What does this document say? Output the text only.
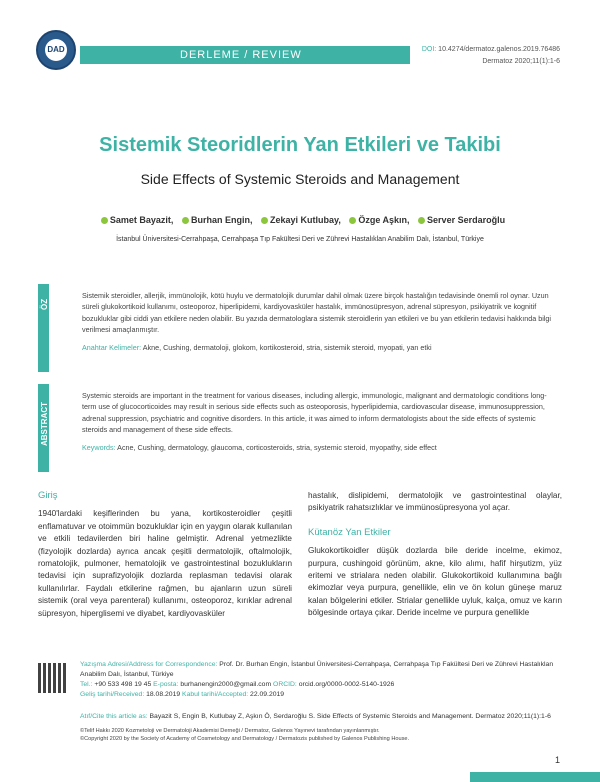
DAD	DERLEME / REVIEW	DOI: 10.4274/dermatoz.galenos.2019.76486
Dermatoz 2020;11(1):1-6
Sistemik Steoridlerin Yan Etkileri ve Takibi
Side Effects of Systemic Steroids and Management
Samet Bayazit, Burhan Engin, Zekayi Kutlubay, Özge Aşkın, Server Serdaroğlu
İstanbul Üniversitesi-Cerrahpaşa, Cerrahpaşa Tıp Fakültesi Deri ve Zührevi Hastalıklan Anabilim Dalı, İstanbul, Türkiye
ÖZ

Sistemik steroidler, allerjik, immünolojik, kötü huylu ve dermatolojik durumlar dahil olmak üzere birçok hastalığın tedavisinde önemli rol oynar. Uzun süreli glukokortikoid kullanımı, osteoporoz, hiperlipidemi, kardiyovasküler hastalık, immünosüpresyon, adrenal süpresyon, psikiyatrik ve kognitif bozukluklar gibi ciddi yan etkilere neden olabilir. Bu yazıda dermatologlara sistemik steroidlerin yan etkileri ve bu yan etkilerin tedavisi hakkında bilgi verilmesi amaçlanmıştır.

Anahtar Kelimeler: Akne, Cushing, dermatoloji, glokom, kortikosteroid, stria, sistemik steroid, myopati, yan etki

ABSTRACT

Systemic steroids are important in the treatment for various diseases, including allergic, immunologic, malignant and dermatologic conditions long-term use of glucocorticoides may result in serious side effects such as osteoporosis, hyperlipidemia, cardiovascular disease, immunosuppression, adrenal suppression, psychiatric and cognitive disorders. In this article, it was aimed to inform dermatologists about the side effects of systemic steroids and management of these side effects.

Keywords: Acne, Cushing, dermatology, glaucoma, corticosteroids, stria, systemic steroid, myopathy, side effect

Giriş

1940'lardaki keşiflerinden bu yana, kortikosteroidler çeşitli enflamatuvar ve otoimmün bozukluklar için en yaygın olarak kullanılan ve etkili tedavilerden biri haline gelmiştir. Adrenal yetmezlikte (fizyolojik dozlarda) ayrıca ancak çeşitli dermatolojik, oftalmolojik, romatolojik, pulmoner, hematolojik ve gastrointestinal bozuklukların tedavisi için suprafizyolojik dozlarda replasman tedavisi olarak kullanılırlar. Faydalı etkilerine rağmen, bu ajanların uzun süreli sistemik (oral veya parenteral) kullanımı, osteoporoz, kırıklar adrenal süpresyon, hiperglisemi ve diyabet, kardiyovasküler

hastalık, dislipidemi, dermatolojik ve gastrointestinal olaylar, psikiyatrik rahatsızlıklar ve immünosüpresyona yol açar.

Kütanöz Yan Etkiler

Glukokortikoidler düşük dozlarda bile deride incelme, ekimoz, purpura, cushingoid görünüm, akne, kilo alımı, hafif hirşutizm, yüz eritemi ve strialara neden olabilir. Glukokortikoid kullanımına bağlı ekimozlar veya purpura, genellikle, elin ve ön kolun güneşe maruz kalan bölgelerini etkiler. Strialar genellikle uyluk, kalça, omuz ve karın bölgesinde ortaya çıkar. Deride incelme ve purpura genellikle

Yazışma Adresi/Address for Correspondence: Prof. Dr. Burhan Engin, İstanbul Üniversitesi-Cerrahpaşa, Cerrahpaşa Tıp Fakültesi Deri ve Zührevi Hastalıklan Anabilim Dalı, İstanbul, Türkiye
Tel.: +90 533 498 19 45 E-posta: burhanengin2000@gmail.com ORCID: orcid.org/0000-0002-5140-1926
Geliş tarihi/Received: 18.08.2019 Kabul tarihi/Accepted: 22.09.2019
Atıf/Cite this article as: Bayazit S, Engin B, Kutlubay Z, Aşkın Ö, Serdaroğlu S. Side Effects of Systemic Steroids and Management. Dermatoz 2020;11(1):1-6
©Telif Hakkı 2020 Kozmetoloji ve Dermatoloji Akademisi Derneği / Dermatoz, Galenos Yayınevi tarafından yayınlanmıştır.
©Copyright 2020 by the Society of Academy of Cosmetology and Dermatology / Dermatozis published by Galenos Publishing House.
1
